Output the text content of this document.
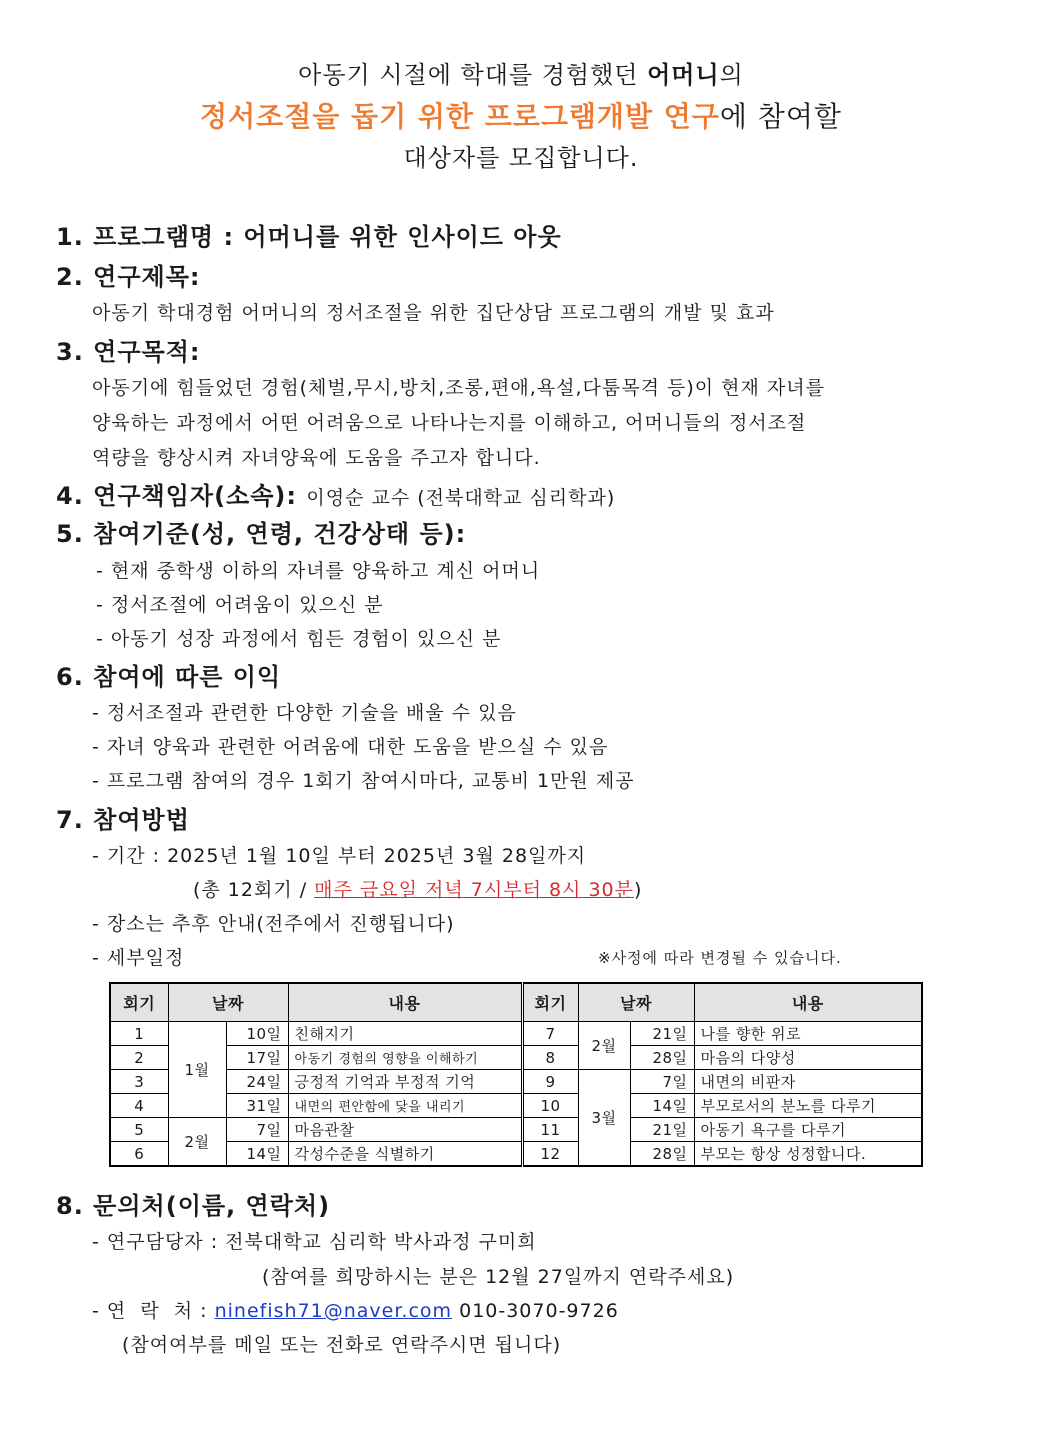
아동기 시절에 학대를 경험했던 어머니의
정서조절을 돕기 위한 프로그램개발 연구에 참여할
대상자를 모집합니다.
1. 프로그램명 : 어머니를 위한 인사이드 아웃
2. 연구제목:
아동기 학대경험 어머니의 정서조절을 위한 집단상담 프로그램의 개발 및 효과
3. 연구목적:
아동기에 힘들었던 경험(체벌,무시,방치,조롱,편애,욕설,다툼목격 등)이 현재 자녀를
양육하는 과정에서 어떤 어려움으로 나타나는지를 이해하고, 어머니들의 정서조절
역량을 향상시켜 자녀양육에 도움을 주고자 합니다.
4. 연구책임자(소속): 이영순 교수 (전북대학교 심리학과)
5. 참여기준(성, 연령, 건강상태 등):
- 현재 중학생 이하의 자녀를 양육하고 계신 어머니
- 정서조절에 어려움이 있으신 분
- 아동기 성장 과정에서 힘든 경험이 있으신 분
6. 참여에 따른 이익
- 정서조절과 관련한 다양한 기술을 배울 수 있음
- 자녀 양육과 관련한 어려움에 대한 도움을 받으실 수 있음
- 프로그램 참여의 경우 1회기 참여시마다, 교통비 1만원 제공
7. 참여방법
- 기간 : 2025년 1월 10일 부터 2025년 3월 28일까지
(총 12회기 / 매주 금요일 저녁 7시부터 8시 30분)
- 장소는 추후 안내(전주에서 진행됩니다)
- 세부일정	※사정에 따라 변경될 수 있습니다.
회기	날짜		내용	회기	날짜		내용
1	1월	10일	친해지기	7	2월	21일	나를 향한 위로
2		17일	아동기 경험의 영향을 이해하기	8		28일	마음의 다양성
3		24일	긍정적 기억과 부정적 기억	9	3월	7일	내면의 비판자
4		31일	내면의 편안함에 닻을 내리기	10		14일	부모로서의 분노를 다루기
5	2월	7일	마음관찰	11		21일	아동기 욕구를 다루기
6		14일	각성수준을 식별하기	12		28일	부모는 항상 성정합니다.
8. 문의처(이름, 연락처)
- 연구담당자 : 전북대학교 심리학 박사과정 구미희
(참여를 희망하시는 분은 12월 27일까지 연락주세요)
- 연  락  처 : ninefish71@naver.com 010-3070-9726
(참여여부를 메일 또는 전화로 연락주시면 됩니다)
